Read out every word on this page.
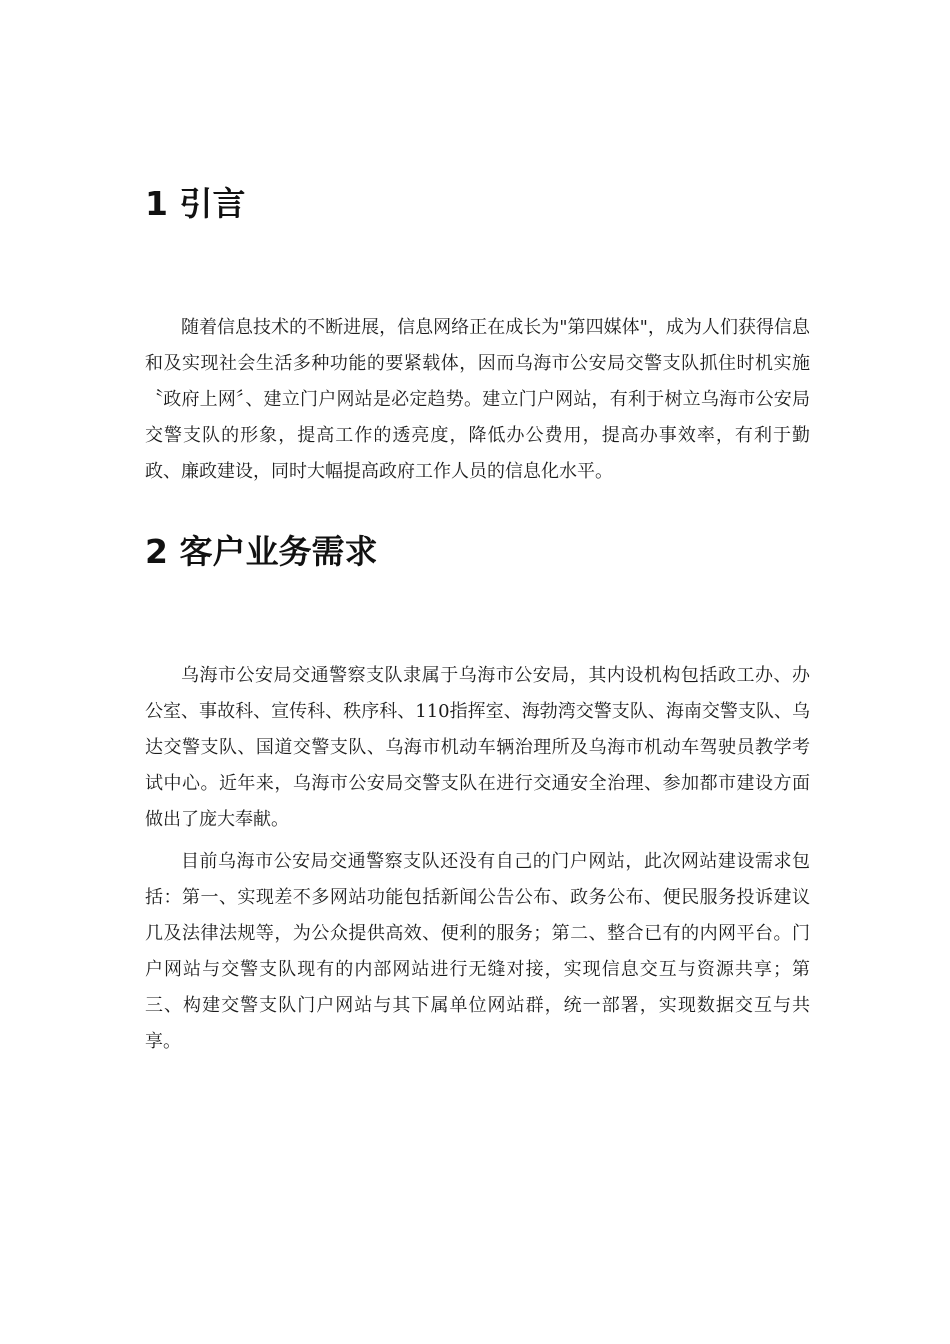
1 引言

随着信息技术的不断进展，信息网络正在成长为"第四媒体"，成为人们获得信息和及实现社会生活多种功能的要紧载体，因而乌海市公安局交警支队抓住时机实施〝政府上网〞、建立门户网站是必定趋势。建立门户网站，有利于树立乌海市公安局交警支队的形象，提高工作的透亮度，降低办公费用，提高办事效率，有利于勤政、廉政建设，同时大幅提高政府工作人员的信息化水平。

2 客户业务需求

乌海市公安局交通警察支队隶属于乌海市公安局，其内设机构包括政工办、办公室、事故科、宣传科、秩序科、110指挥室、海勃湾交警支队、海南交警支队、乌达交警支队、国道交警支队、乌海市机动车辆治理所及乌海市机动车驾驶员教学考试中心。近年来，乌海市公安局交警支队在进行交通安全治理、参加都市建设方面做出了庞大奉献。

目前乌海市公安局交通警察支队还没有自己的门户网站，此次网站建设需求包括：第一、实现差不多网站功能包括新闻公告公布、政务公布、便民服务投诉建议几及法律法规等，为公众提供高效、便利的服务；第二、整合已有的内网平台。门户网站与交警支队现有的内部网站进行无缝对接，实现信息交互与资源共享；第三、构建交警支队门户网站与其下属单位网站群，统一部署，实现数据交互与共享。
